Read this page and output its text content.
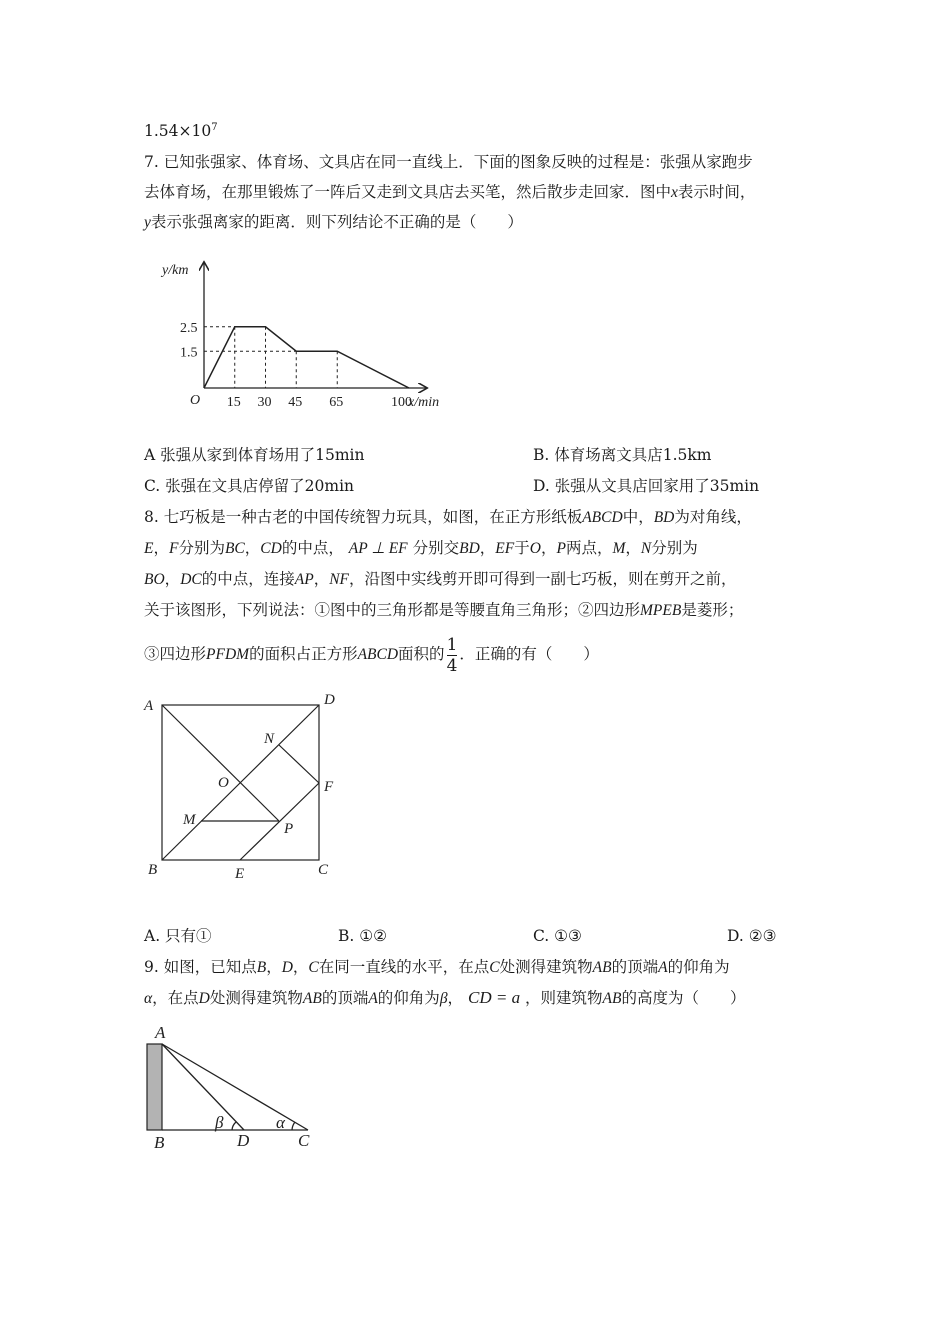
$1.54\times 10^7$
7. 已知张强家、体育场、文具店在同一直线上．下面的图象反映的过程是：张强从家跑步
去体育场，在那里锻炼了一阵后又走到文具店去买笔，然后散步走回家．图中x表示时间，
y表示张强离家的距离．则下列结论不正确的是（　　）
y/km
O
2.5
1.5
15 30 45 65	100
x/min
A 张强从家到体育场用了15min	B. 体育场离文具店1.5km
C. 张强在文具店停留了20min	D. 张强从文具店回家用了35min
8. 七巧板是一种古老的中国传统智力玩具，如图，在正方形纸板ABCD中，BD为对角线，
E，F分别为BC，CD的中点， AP ⊥ EF 分别交BD，EF于O，P两点，M，N分别为
BO，DC的中点，连接AP，NF，沿图中实线剪开即可得到一副七巧板，则在剪开之前，
关于该图形，下列说法：①图中的三角形都是等腰直角三角形；②四边形MPEB是菱形；
③四边形PFDM的面积占正方形ABCD面积的 $\frac{1}{4}$ ．正确的有（　　）
A	D
N
O	F
M
P
B	E	C
A. 只有①	B. ①②	C. ①③	D. ②③
9. 如图，已知点B，D，C在同一直线的水平，在点C处测得建筑物AB的顶端A的仰角为
α，在点D处测得建筑物AB的顶端A的仰角为β， CD = a ，则建筑物AB的高度为（　　）
A
B	D	C
β	α
